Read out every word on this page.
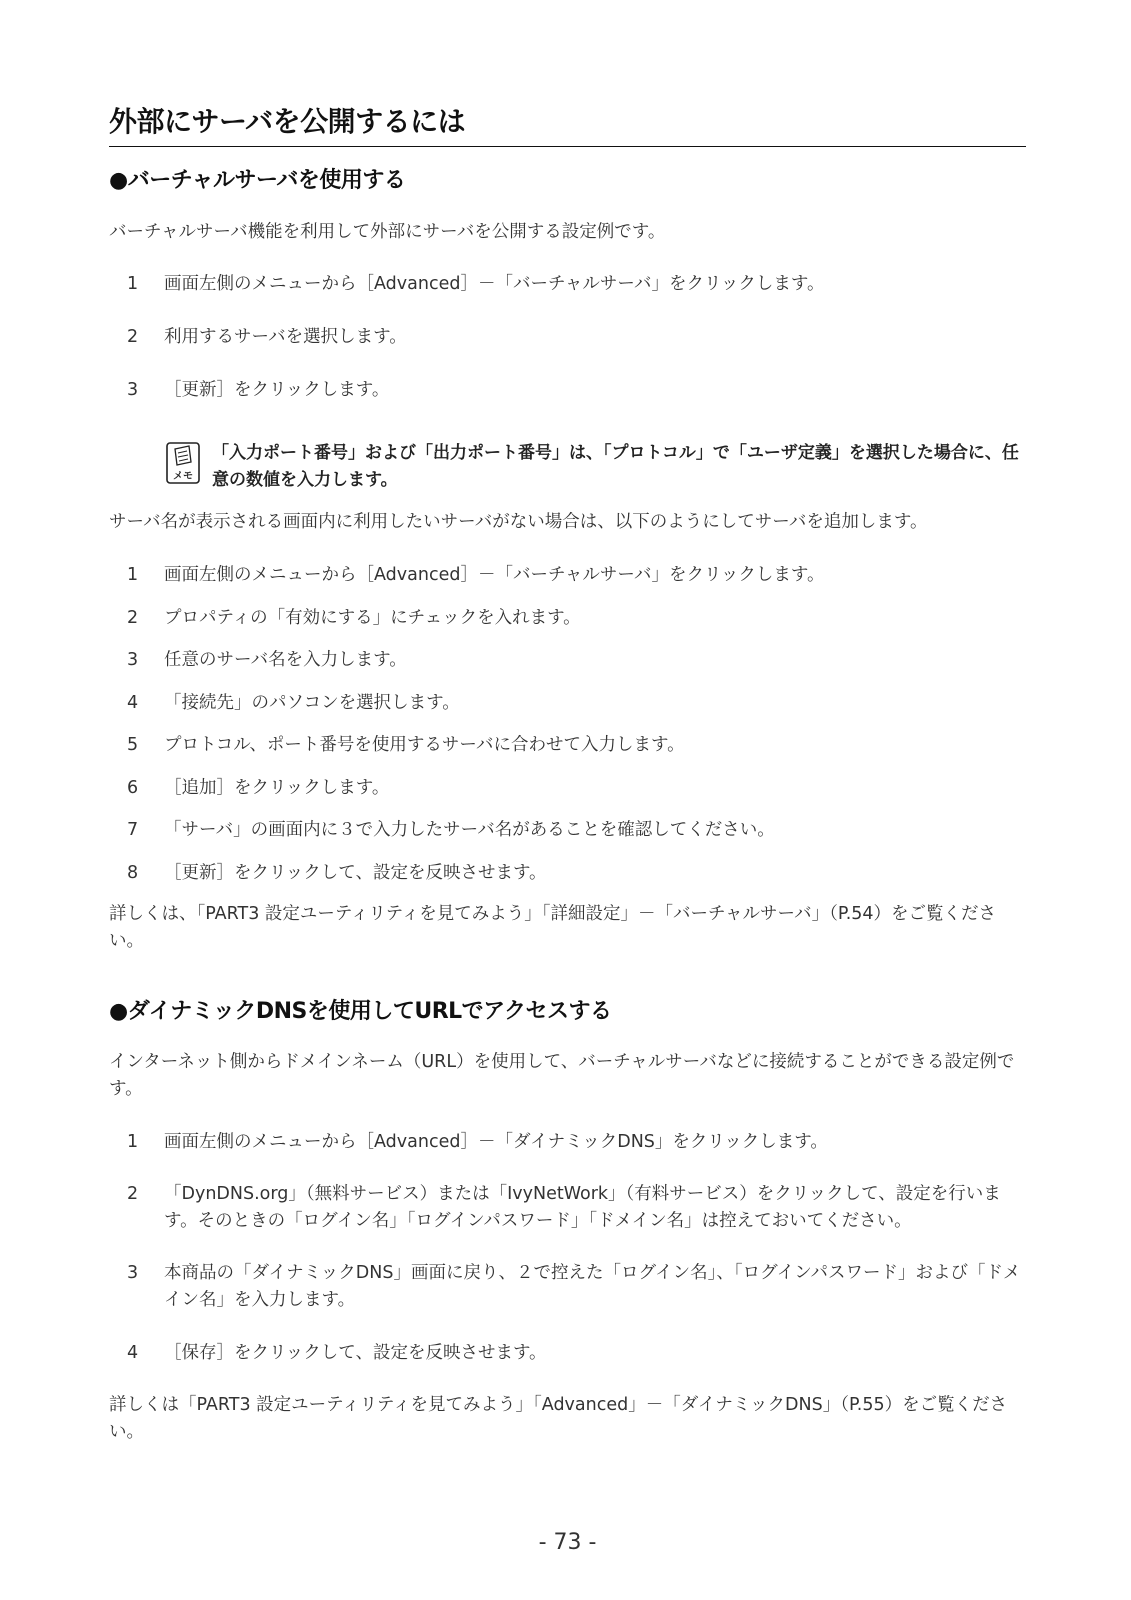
外部にサーバを公開するには
●バーチャルサーバを使用する
バーチャルサーバ機能を利用して外部にサーバを公開する設定例です。
1	画面左側のメニューから［Advanced］－「バーチャルサーバ」をクリックします。
2	利用するサーバを選択します。
3	［更新］をクリックします。
メモ
「入力ポート番号」および「出力ポート番号」は、「プロトコル」で「ユーザ定義」を選択した場合に、任意の数値を入力します。
サーバ名が表示される画面内に利用したいサーバがない場合は、以下のようにしてサーバを追加します。
1	画面左側のメニューから［Advanced］－「バーチャルサーバ」をクリックします。
2	プロパティの「有効にする」にチェックを入れます。
3	任意のサーバ名を入力します。
4	「接続先」のパソコンを選択します。
5	プロトコル、ポート番号を使用するサーバに合わせて入力します。
6	［追加］をクリックします。
7	「サーバ」の画面内に３で入力したサーバ名があることを確認してください。
8	［更新］をクリックして、設定を反映させます。
詳しくは、「PART3 設定ユーティリティを見てみよう」「詳細設定」－「バーチャルサーバ」（P.54）をご覧ください。
●ダイナミックDNSを使用してURLでアクセスする
インターネット側からドメインネーム（URL）を使用して、バーチャルサーバなどに接続することができる設定例です。
1	画面左側のメニューから［Advanced］－「ダイナミックDNS」をクリックします。
2	「DynDNS.org」（無料サービス）または「IvyNetWork」（有料サービス）をクリックして、設定を行います。そのときの「ログイン名」「ログインパスワード」「ドメイン名」は控えておいてください。
3	本商品の「ダイナミックDNS」画面に戻り、２で控えた「ログイン名」、「ログインパスワード」および「ドメイン名」を入力します。
4	［保存］をクリックして、設定を反映させます。
詳しくは「PART3 設定ユーティリティを見てみよう」「Advanced」－「ダイナミックDNS」（P.55）をご覧ください。
- 73 -
